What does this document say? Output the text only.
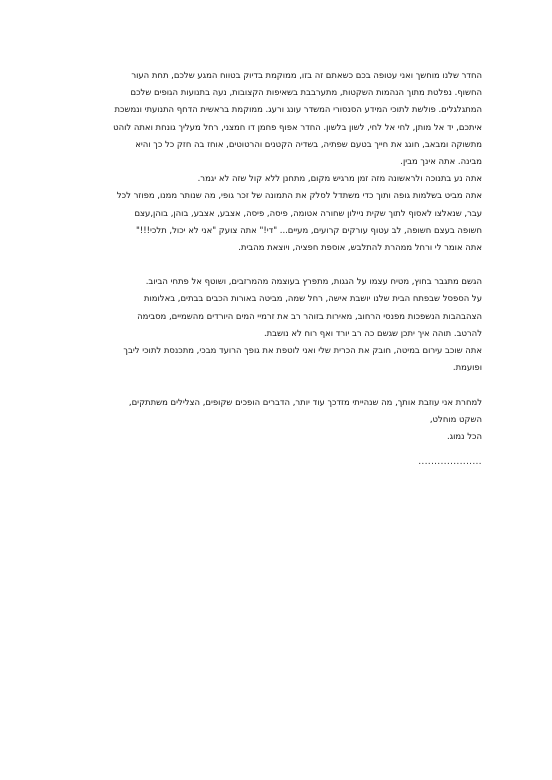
החדר שלנו מוחשך ואני עטופה בכם כשאתם זה בזו, ממוקמת בדיוק בטווח המגע שלכם, תחת העור
החשוף. נפלטת מתוך הנהמות השקטות, מתערבבת בשאיפות הקצובות, נעה בתנועות הגופים שלכם
המתגלגלים. פולשת לתוכי המידע הסנסורי המשדר עונג ורעג. ממוקמת בראשית הדחף התנועתי ונמשכת
איתכם, יד אל מותן, לחי אל לחי, לשון בלשון. החדר אפוף פחמן דו חמצני, רחל מעליך גונחת ואתה לוהט
מתשוקה ומבאב, חוגג את חייך בטעם שפתיה, בשדיה הקטנים והרטוטים, אוחז בה חזק כל כך והיא
מבינה. אתה אינך מבין.
אתה נע בתנוכה ולראשונה מזה זמן מרגיש מקום, מתחנן ללא קול שזה לא יגמר.
אתה מביט בשלמות גופה ותוך כדי משתדל לסלק את התמונה של זכר גופי, מה שנותר ממנו, מפוזר לכל
עבר, שנאלצו לאסוף לתוך שקית ניילון שחורה אטומה, פיסה, פיסה, אצבע, אצבע, בוהן, בוהן,עצם
חשופה בעצם חשופה, לב עטוף עורקים קרועים, מעיים... "די!" אתה צועק "אני לא יכול, תלכי!!!"
אתה אומר לי ורחל ממהרת להתלבש, אוספת חפציה, ויוצאת מהבית.
הגשם מתגבר בחוץ, מטיח עצמו על הגגות, מתפרץ בעוצמה מהמרזבים, ושוטף אל פתחי הביוב.
על הספסל שבפתח הבית שלנו יושבת אישה, רחל שמה, מביטה באורות הכבים בבתים, באלומות
הצהבהבות הנשפכות מפנסי הרחוב, מאירות בזוהר רב את זרמיי המים היורדים מהשמיים, מסבימה
להרטב. תוהה איך יתכן שגשם כה רב יורד ואף רוח לא נושבת.
אתה שוכב עירום במיטה, חובק את הכרית שלי ואני לוטפת את גופך הרועד מבכי, מתכנסת לתוכי ליבך
ופועמת.
למחרת אני עוזבת אותך, מה שנהייתי מזדכך עוד יותר, הדברים הופכים שקופים, הצלילים משתתקים,
השקט מוחלט,
הכל נמוג.
....................
